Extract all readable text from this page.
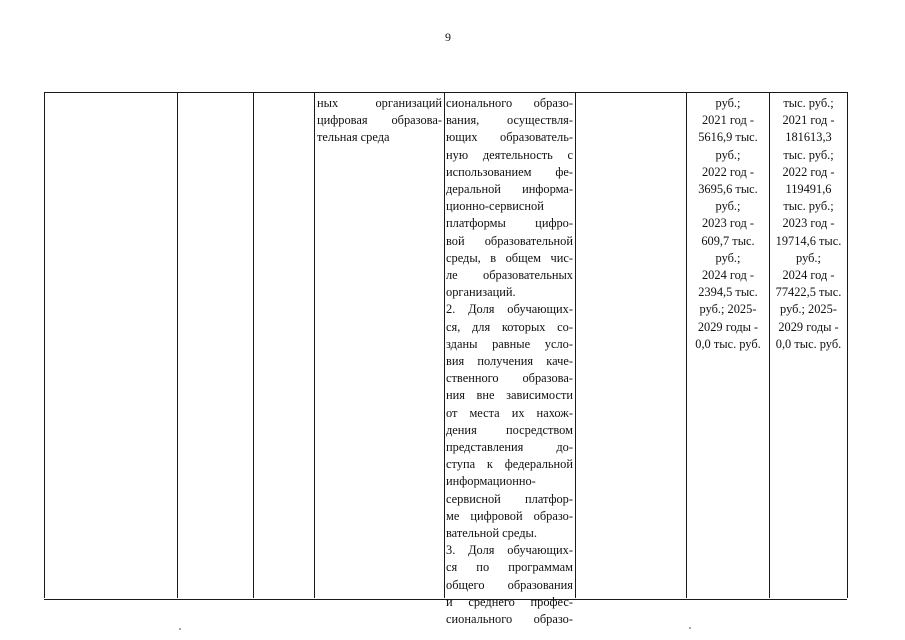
9
ных организаций
цифровая образова-
тельная среда
сионального образо-
вания, осуществля-
ющих образователь-
ную деятельность с
использованием фе-
деральной информа-
ционно-сервисной
платформы цифро-
вой образовательной
среды, в общем чис-
ле образовательных
организаций.
2. Доля обучающих-
ся, для которых со-
зданы равные усло-
вия получения каче-
ственного образова-
ния вне зависимости
от места их нахож-
дения посредством
представления до-
ступа к федеральной
информационно-
сервисной платфор-
ме цифровой образо-
вательной среды.
3. Доля обучающих-
ся по программам
общего образования
и среднего профес-
сионального образо-
руб.;
2021 год -
5616,9 тыс.
руб.;
2022 год -
3695,6 тыс.
руб.;
2023 год -
609,7 тыс.
руб.;
2024 год -
2394,5 тыс.
руб.; 2025-
2029 годы -
0,0 тыс. руб.
тыс. руб.;
2021 год -
181613,3
тыс. руб.;
2022 год -
119491,6
тыс. руб.;
2023 год -
19714,6 тыс.
руб.;
2024 год -
77422,5 тыс.
руб.; 2025-
2029 годы -
0,0 тыс. руб.
